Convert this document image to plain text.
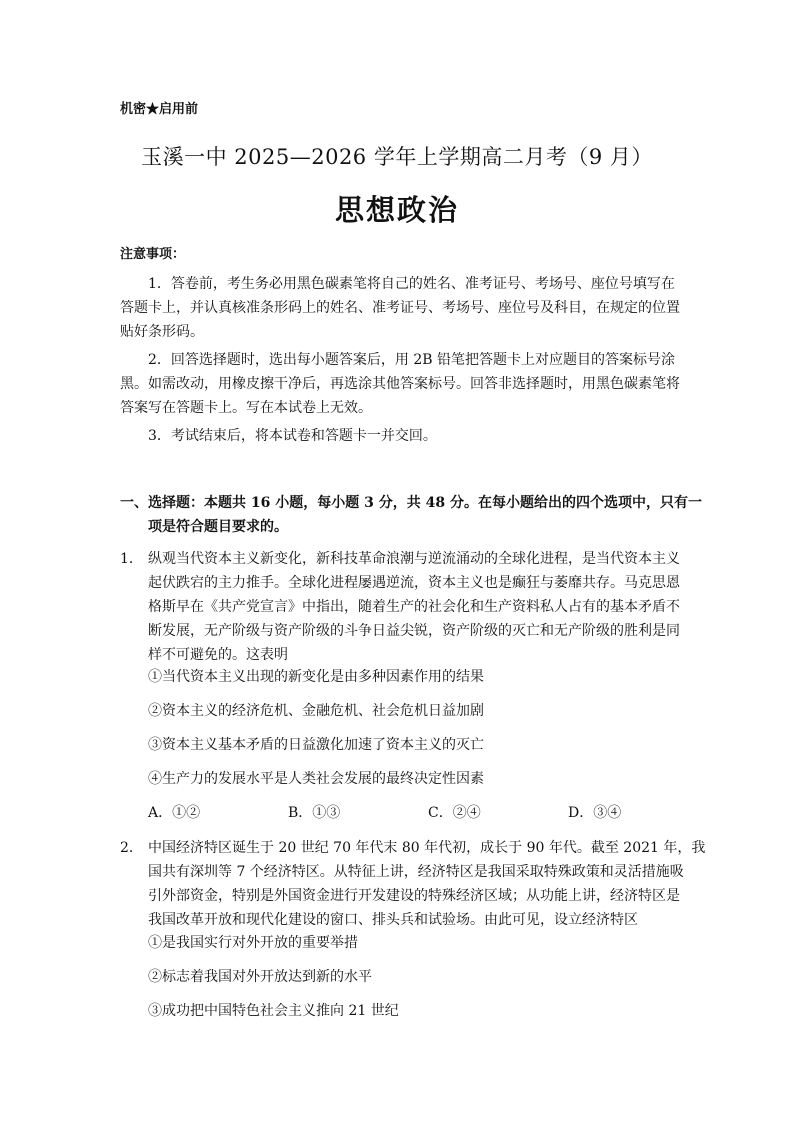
机密★启用前
玉溪一中 2025—2026 学年上学期高二月考（9 月）
思想政治
注意事项：
1．答卷前，考生务必用黑色碳素笔将自己的姓名、准考证号、考场号、座位号填写在
答题卡上，并认真核准条形码上的姓名、准考证号、考场号、座位号及科目，在规定的位置
贴好条形码。
2．回答选择题时，选出每小题答案后，用 2B 铅笔把答题卡上对应题目的答案标号涂
黑。如需改动，用橡皮擦干净后，再选涂其他答案标号。回答非选择题时，用黑色碳素笔将
答案写在答题卡上。写在本试卷上无效。
3．考试结束后，将本试卷和答题卡一并交回。
一、选择题：本题共 16 小题，每小题 3 分，共 48 分。在每小题给出的四个选项中，只有一
项是符合题目要求的。
1． 纵观当代资本主义新变化，新科技革命浪潮与逆流涌动的全球化进程，是当代资本主义
起伏跌宕的主力推手。全球化进程屡遇逆流，资本主义也是癫狂与萎靡共存。马克思恩
格斯早在《共产党宣言》中指出，随着生产的社会化和生产资料私人占有的基本矛盾不
断发展，无产阶级与资产阶级的斗争日益尖锐，资产阶级的灭亡和无产阶级的胜利是同
样不可避免的。这表明
①当代资本主义出现的新变化是由多种因素作用的结果
②资本主义的经济危机、金融危机、社会危机日益加剧
③资本主义基本矛盾的日益激化加速了资本主义的灭亡
④生产力的发展水平是人类社会发展的最终决定性因素
A．①②	B．①③	C．②④	D．③④
2． 中国经济特区诞生于 20 世纪 70 年代末 80 年代初，成长于 90 年代。截至 2021 年，我
国共有深圳等 7 个经济特区。从特征上讲，经济特区是我国采取特殊政策和灵活措施吸
引外部资金，特别是外国资金进行开发建设的特殊经济区域；从功能上讲，经济特区是
我国改革开放和现代化建设的窗口、排头兵和试验场。由此可见，设立经济特区
①是我国实行对外开放的重要举措
②标志着我国对外开放达到新的水平
③成功把中国特色社会主义推向 21 世纪
